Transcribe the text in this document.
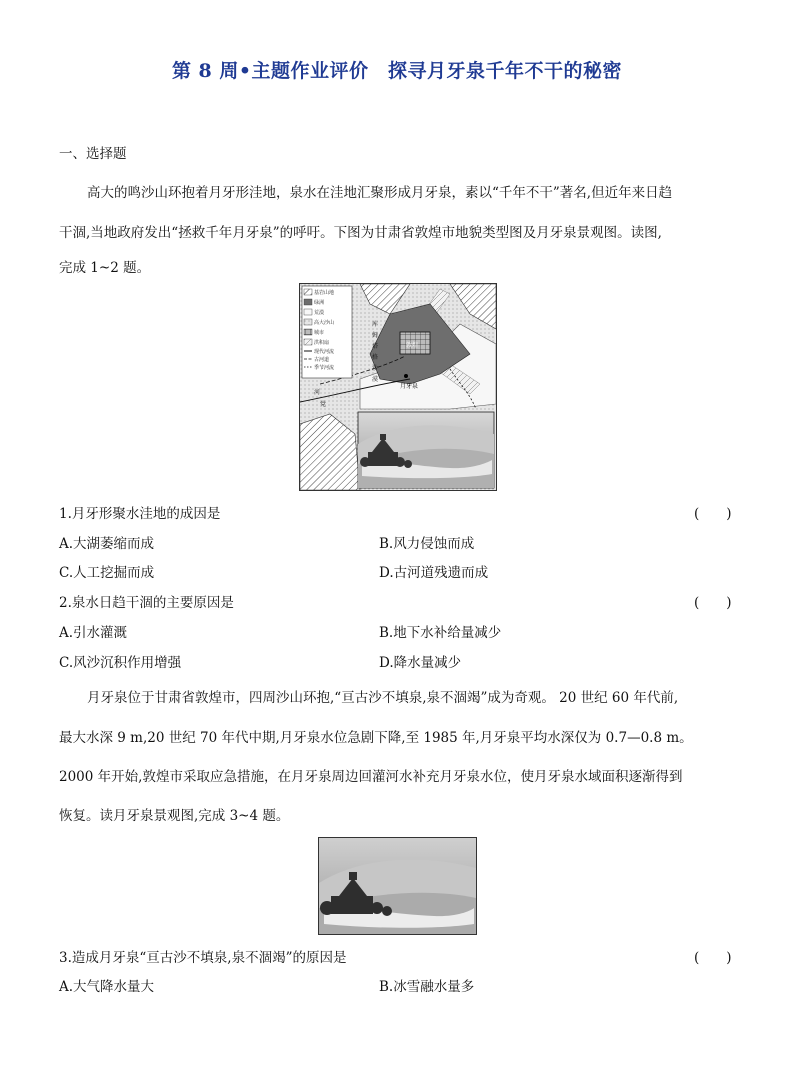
第 8 周•主题作业评价　探寻月牙泉千年不干的秘密
一、选择题
高大的鸣沙山环抱着月牙形洼地，泉水在洼地汇聚形成月牙泉，素以“千年不干”著名,但近年来日趋
干涸,当地政府发出“拯救千年月牙泉”的呼吁。下图为甘肃省敦煌市地貌类型图及月牙泉景观图。读图,
完成 1~2 题。
敦煌
月牙泉
基岩山地
绿洲
荒漠
高大沙山
城市
洪积扇
现代河流
古河道
季节河流
库
姆
塔
格
沙
漠
河
党
1.月牙形聚水洼地的成因是	(　　)
A.大湖萎缩而成	B.风力侵蚀而成
C.人工挖掘而成	D.古河道残遗而成
2.泉水日趋干涸的主要原因是	(　　)
A.引水灌溉	B.地下水补给量减少
C.风沙沉积作用增强	D.降水量减少
月牙泉位于甘肃省敦煌市，四周沙山环抱,“亘古沙不填泉,泉不涸竭”成为奇观。 20 世纪 60 年代前,
最大水深 9 m,20 世纪 70 年代中期,月牙泉水位急剧下降,至 1985 年,月牙泉平均水深仅为 0.7—0.8 m。
2000 年开始,敦煌市采取应急措施，在月牙泉周边回灌河水补充月牙泉水位，使月牙泉水域面积逐渐得到
恢复。读月牙泉景观图,完成 3~4 题。
3.造成月牙泉“亘古沙不填泉,泉不涸竭”的原因是	(　　)
A.大气降水量大	B.冰雪融水量多
